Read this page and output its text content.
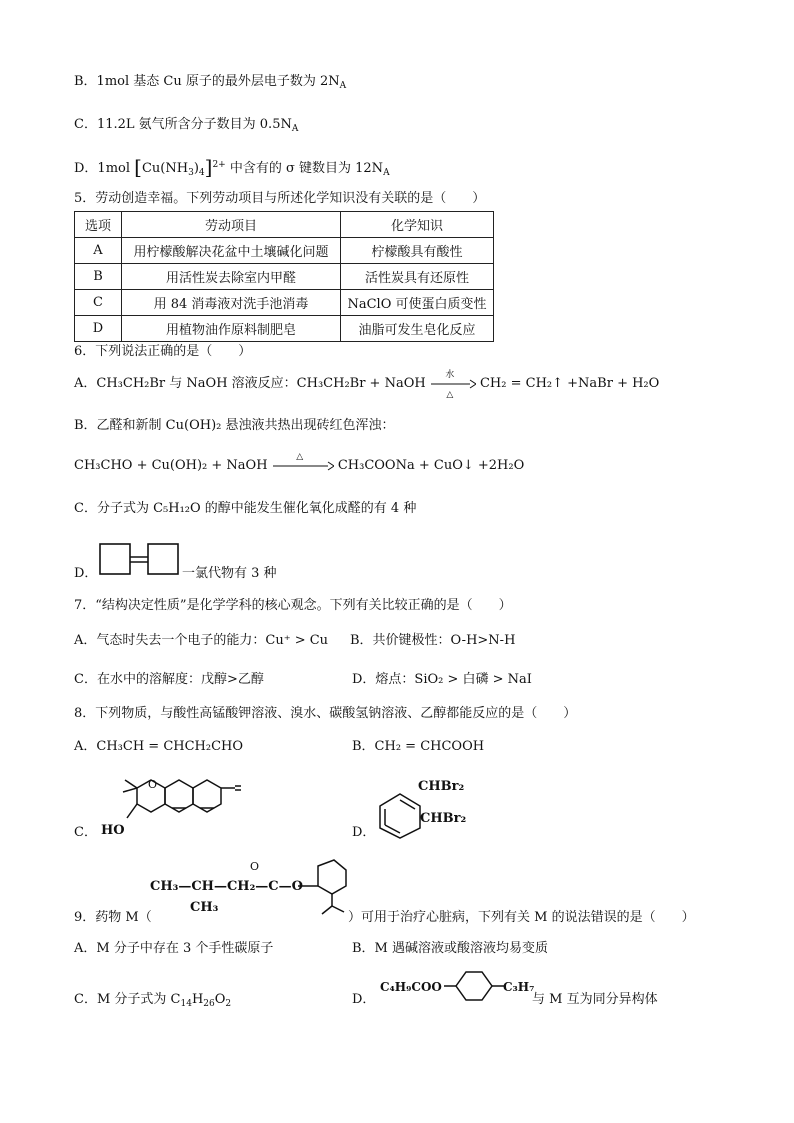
B．1mol 基态 Cu 原子的最外层电子数为 $2N_A$
C．11.2L 氨气所含分子数目为 $0.5N_A$
D．1mol $[Cu(NH_3)_4]^{2+}$ 中含有的 σ 键数目为 $12N_A$
5．劳动创造幸福。下列劳动项目与所述化学知识没有关联的是（　　）
选项	劳动项目	化学知识
A	用柠檬酸解决花盆中土壤碱化问题	柠檬酸具有酸性
B	用活性炭去除室内甲醛	活性炭具有还原性
C	用 84 消毒液对洗手池消毒	NaClO 可使蛋白质变性
D	用植物油作原料制肥皂	油脂可发生皂化反应
6．下列说法正确的是（　　）
A．CH₃CH₂Br 与 NaOH 溶液反应：CH₃CH₂Br + NaOH
水
△
CH₂ = CH₂↑ +NaBr + H₂O
B．乙醛和新制 Cu(OH)₂ 悬浊液共热出现砖红色浑浊：
CH₃CHO + Cu(OH)₂ + NaOH
△
CH₃COONa + CuO↓ +2H₂O
C．分子式为 C₅H₁₂O 的醇中能发生催化氧化成醛的有 4 种
D．	一氯代物有 3 种
7．“结构决定性质”是化学学科的核心观念。下列有关比较正确的是（　　）
A．气态时失去一个电子的能力：Cu⁺ > Cu B．共价键极性：O-H>N-H
C．在水中的溶解度：戊醇>乙醇	D．熔点：SiO₂ > 白磷 > NaI
8．下列物质，与酸性高锰酸钾溶液、溴水、碳酸氢钠溶液、乙醇都能反应的是（　　）
A．CH₃CH = CHCH₂CHO	B．CH₂ = CHCOOH
C．
O
HO	D．
CHBr₂
CHBr₂
O
CH₃—CH—CH₂—C—O
CH₃
9．药物 M（	）可用于治疗心脏病，下列有关 M 的说法错误的是（　　）
A．M 分子中存在 3 个手性碳原子	B．M 遇碱溶液或酸溶液均易变质
C．M 分子式为 $C_{14}H_{26}O_2$	D．
C₄H₉COO	C₃H₇
与 M 互为同分异构体
